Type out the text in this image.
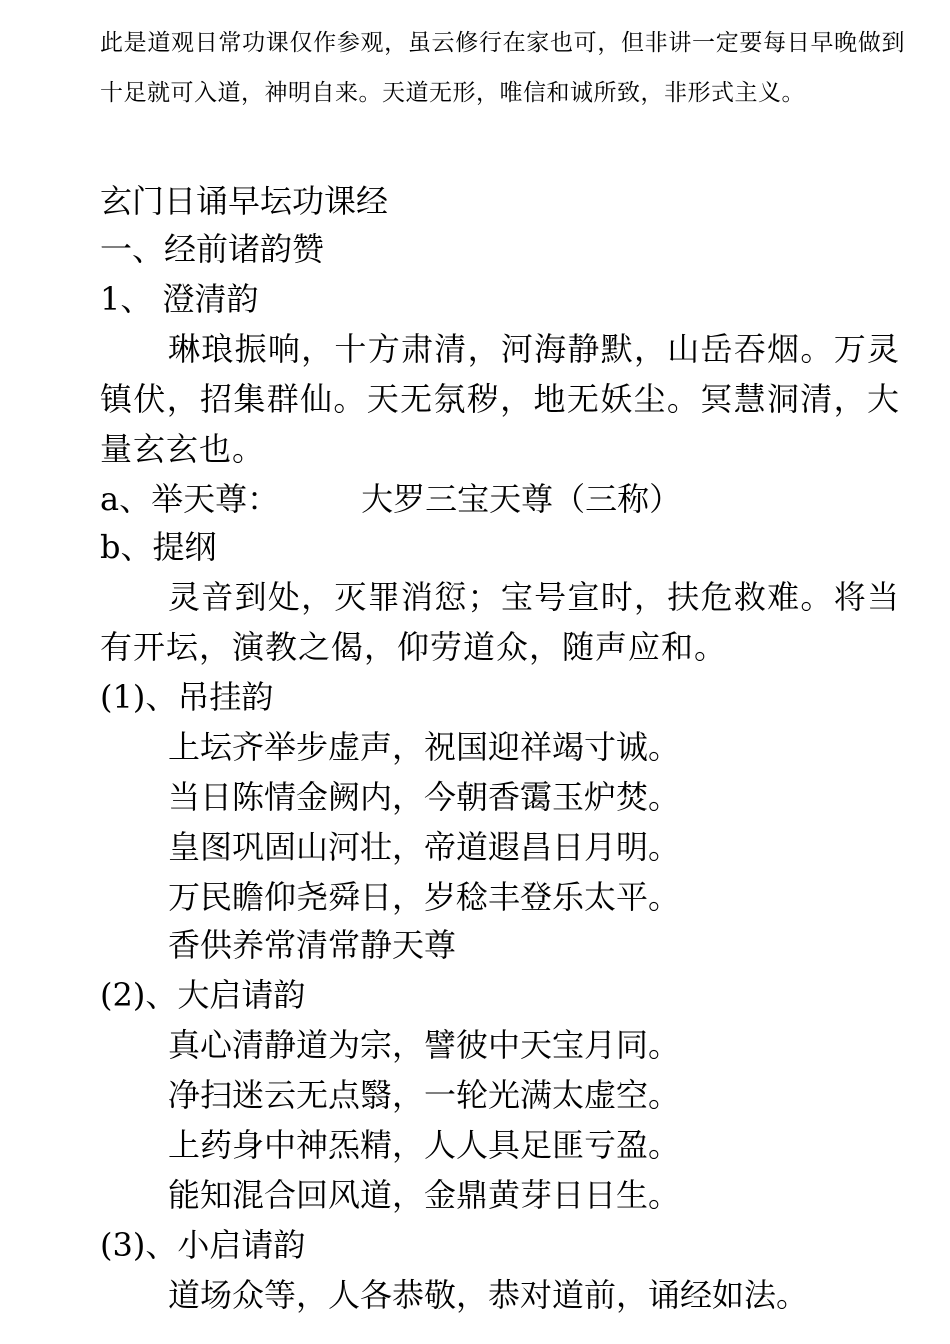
此是道观日常功课仅作参观，虽云修行在家也可，但非讲一定要每日早晚做到十足就可入道，神明自来。天道无形，唯信和诚所致，非形式主义。
玄门日诵早坛功课经
一、经前诸韵赞
1、 澄清韵
琳琅振响，十方肃清，河海静默，山岳吞烟。万灵镇伏，招集群仙。天无氛秽，地无妖尘。冥慧洞清，大量玄玄也。
a、举天尊：	大罗三宝天尊（三称）
b、提纲
灵音到处，灭罪消愆；宝号宣时，扶危救难。将当有开坛，演教之偈，仰劳道众，随声应和。
(1)、吊挂韵
上坛齐举步虚声，祝国迎祥竭寸诚。
当日陈情金阙内，今朝香霭玉炉焚。
皇图巩固山河壮，帝道遐昌日月明。
万民瞻仰尧舜日，岁稔丰登乐太平。
香供养常清常静天尊
(2)、大启请韵
真心清静道为宗，譬彼中天宝月同。
净扫迷云无点翳，一轮光满太虚空。
上药身中神炁精，人人具足匪亏盈。
能知混合回风道，金鼎黄芽日日生。
(3)、小启请韵
道场众等，人各恭敬，恭对道前，诵经如法。
